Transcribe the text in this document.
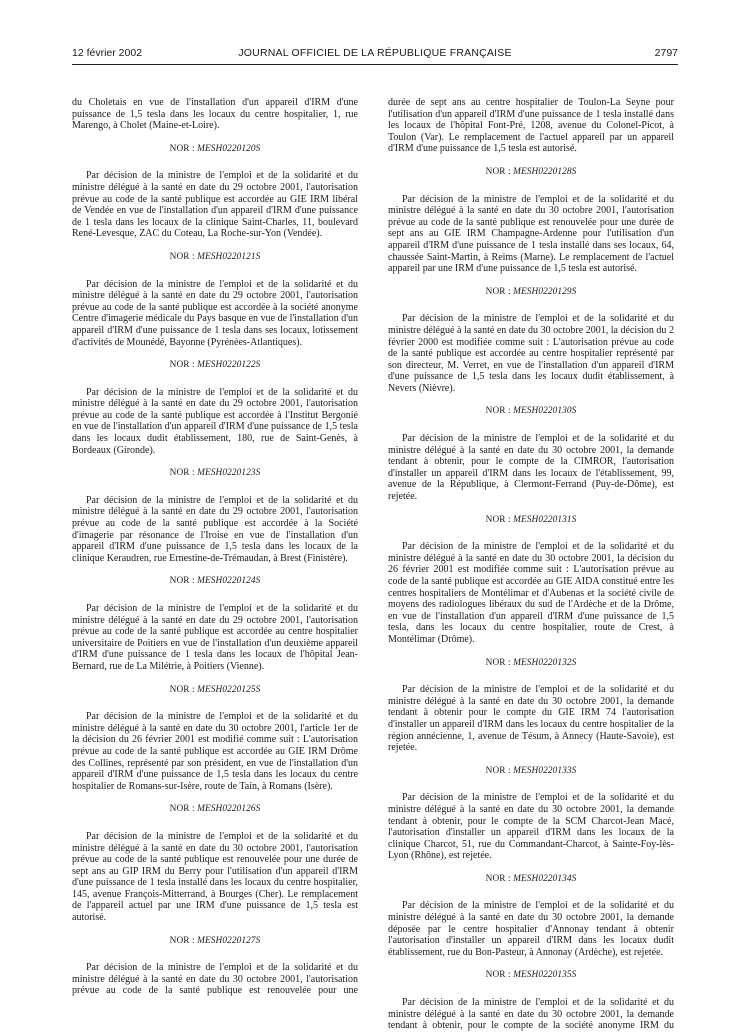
12 février 2002	JOURNAL OFFICIEL DE LA RÉPUBLIQUE FRANÇAISE	2797

du Choletais en vue de l'installation d'un appareil d'IRM d'une puissance de 1,5 tesla dans les locaux du centre hospitalier, 1, rue Marengo, à Cholet (Maine-et-Loire).

NOR : MESH0220120S

Par décision de la ministre de l'emploi et de la solidarité et du ministre délégué à la santé en date du 29 octobre 2001, l'autorisation prévue au code de la santé publique est accordée au GIE IRM libéral de Vendée en vue de l'installation d'un appareil d'IRM d'une puissance de 1 tesla dans les locaux de la clinique Saint-Charles, 11, boulevard René-Levesque, ZAC du Coteau, La Roche-sur-Yon (Vendée).

NOR : MESH0220121S

Par décision de la ministre de l'emploi et de la solidarité et du ministre délégué à la santé en date du 29 octobre 2001, l'autorisation prévue au code de la santé publique est accordée à la société anonyme Centre d'imagerie médicale du Pays basque en vue de l'installation d'un appareil d'IRM d'une puissance de 1 tesla dans ses locaux, lotissement d'activités de Mounédé, Bayonne (Pyrénées-Atlantiques).

NOR : MESH0220122S

Par décision de la ministre de l'emploi et de la solidarité et du ministre délégué à la santé en date du 29 octobre 2001, l'autorisation prévue au code de la santé publique est accordée à l'Institut Bergonié en vue de l'installation d'un appareil d'IRM d'une puissance de 1,5 tesla dans les locaux dudit établissement, 180, rue de Saint-Genès, à Bordeaux (Gironde).

NOR : MESH0220123S

Par décision de la ministre de l'emploi et de la solidarité et du ministre délégué à la santé en date du 29 octobre 2001, l'autorisation prévue au code de la santé publique est accordée à la Société d'imagerie par résonance de l'Iroise en vue de l'installation d'un appareil d'IRM d'une puissance de 1,5 tesla dans les locaux de la clinique Keraudren, rue Ernestine-de-Trémaudan, à Brest (Finistère).

NOR : MESH0220124S

Par décision de la ministre de l'emploi et de la solidarité et du ministre délégué à la santé en date du 29 octobre 2001, l'autorisation prévue au code de la santé publique est accordée au centre hospitalier universitaire de Poitiers en vue de l'installation d'un deuxième appareil d'IRM d'une puissance de 1 tesla dans les locaux de l'hôpital Jean-Bernard, rue de La Milétrie, à Poitiers (Vienne).

NOR : MESH0220125S

Par décision de la ministre de l'emploi et de la solidarité et du ministre délégué à la santé en date du 30 octobre 2001, l'article 1er de la décision du 26 février 2001 est modifié comme suit : L'autorisation prévue au code de la santé publique est accordée au GIE IRM Drôme des Collines, représenté par son président, en vue de l'installation d'un appareil d'IRM d'une puissance de 1,5 tesla dans les locaux du centre hospitalier de Romans-sur-Isère, route de Tain, à Romans (Isère).

NOR : MESH0220126S

Par décision de la ministre de l'emploi et de la solidarité et du ministre délégué à la santé en date du 30 octobre 2001, l'autorisation prévue au code de la santé publique est renouvelée pour une durée de sept ans au GIP IRM du Berry pour l'utilisation d'un appareil d'IRM d'une puissance de 1 tesla installé dans les locaux du centre hospitalier, 145, avenue François-Mitterrand, à Bourges (Cher). Le remplacement de l'appareil actuel par une IRM d'une puissance de 1,5 tesla est autorisé.

NOR : MESH0220127S

Par décision de la ministre de l'emploi et de la solidarité et du ministre délégué à la santé en date du 30 octobre 2001, l'autorisation prévue au code de la santé publique est renouvelée pour une

durée de sept ans au centre hospitalier de Toulon-La Seyne pour l'utilisation d'un appareil d'IRM d'une puissance de 1 tesla installé dans les locaux de l'hôpital Font-Pré, 1208, avenue du Colonel-Picot, à Toulon (Var). Le remplacement de l'actuel appareil par un appareil d'IRM d'une puissance de 1,5 tesla est autorisé.

NOR : MESH0220128S

Par décision de la ministre de l'emploi et de la solidarité et du ministre délégué à la santé en date du 30 octobre 2001, l'autorisation prévue au code de la santé publique est renouvelée pour une durée de sept ans au GIE IRM Champagne-Ardenne pour l'utilisation d'un appareil d'IRM d'une puissance de 1 tesla installé dans ses locaux, 64, chaussée Saint-Martin, à Reims (Marne). Le remplacement de l'actuel appareil par une IRM d'une puissance de 1,5 tesla est autorisé.

NOR : MESH0220129S

Par décision de la ministre de l'emploi et de la solidarité et du ministre délégué à la santé en date du 30 octobre 2001, la décision du 2 février 2000 est modifiée comme suit : L'autorisation prévue au code de la santé publique est accordée au centre hospitalier représenté par son directeur, M. Verret, en vue de l'installation d'un appareil d'IRM d'une puissance de 1,5 tesla dans les locaux dudit établissement, à Nevers (Nièvre).

NOR : MESH0220130S

Par décision de la ministre de l'emploi et de la solidarité et du ministre délégué à la santé en date du 30 octobre 2001, la demande tendant à obtenir, pour le compte de la CIMROR, l'autorisation d'installer un appareil d'IRM dans les locaux de l'établissement, 99, avenue de la République, à Clermont-Ferrand (Puy-de-Dôme), est rejetée.

NOR : MESH0220131S

Par décision de la ministre de l'emploi et de la solidarité et du ministre délégué à la santé en date du 30 octobre 2001, la décision du 26 février 2001 est modifiée comme suit : L'autorisation prévue au code de la santé publique est accordée au GIE AIDA constitué entre les centres hospitaliers de Montélimar et d'Aubenas et la société civile de moyens des radiologues libéraux du sud de l'Ardèche et de la Drôme, en vue de l'installation d'un appareil d'IRM d'une puissance de 1,5 tesla, dans les locaux du centre hospitalier, route de Crest, à Montélimar (Drôme).

NOR : MESH0220132S

Par décision de la ministre de l'emploi et de la solidarité et du ministre délégué à la santé en date du 30 octobre 2001, la demande tendant à obtenir pour le compte du GIE IRM 74 l'autorisation d'installer un appareil d'IRM dans les locaux du centre hospitalier de la région annécienne, 1, avenue de Tésum, à Annecy (Haute-Savoie), est rejetée.

NOR : MESH0220133S

Par décision de la ministre de l'emploi et de la solidarité et du ministre délégué à la santé en date du 30 octobre 2001, la demande tendant à obtenir, pour le compte de la SCM Charcot-Jean Macé, l'autorisation d'installer un appareil d'IRM dans les locaux de la clinique Charcot, 51, rue du Commandant-Charcot, à Sainte-Foy-lès-Lyon (Rhône), est rejetée.

NOR : MESH0220134S

Par décision de la ministre de l'emploi et de la solidarité et du ministre délégué à la santé en date du 30 octobre 2001, la demande déposée par le centre hospitalier d'Annonay tendant à obtenir l'autorisation d'installer un appareil d'IRM dans les locaux dudit établissement, rue du Bon-Pasteur, à Annonay (Ardèche), est rejetée.

NOR : MESH0220135S

Par décision de la ministre de l'emploi et de la solidarité et du ministre délégué à la santé en date du 30 octobre 2001, la demande tendant à obtenir, pour le compte de la société anonyme IRM du
